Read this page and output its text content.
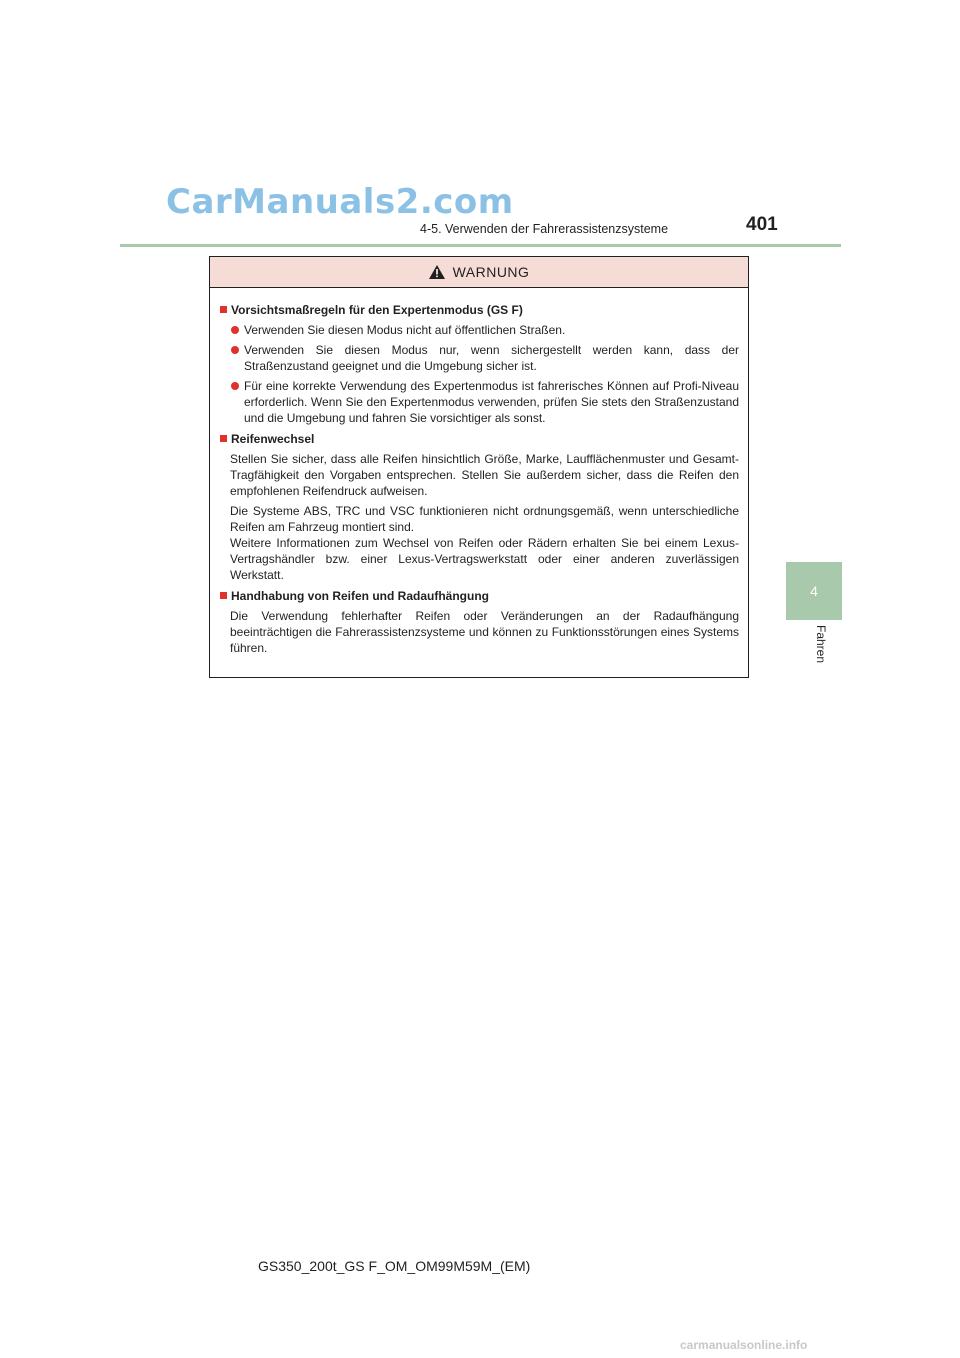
CarManuals2.com
4-5. Verwenden der Fahrerassistenzsysteme	401
4
Fahren
WARNUNG
Vorsichtsmaßregeln für den Expertenmodus (GS F)
Verwenden Sie diesen Modus nicht auf öffentlichen Straßen.
Verwenden Sie diesen Modus nur, wenn sichergestellt werden kann, dass der Straßenzustand geeignet und die Umgebung sicher ist.
Für eine korrekte Verwendung des Expertenmodus ist fahrerisches Können auf Profi-Niveau erforderlich. Wenn Sie den Expertenmodus verwenden, prüfen Sie stets den Straßenzustand und die Umgebung und fahren Sie vorsichtiger als sonst.
Reifenwechsel
Stellen Sie sicher, dass alle Reifen hinsichtlich Größe, Marke, Laufflächenmuster und Gesamt-Tragfähigkeit den Vorgaben entsprechen. Stellen Sie außerdem sicher, dass die Reifen den empfohlenen Reifendruck aufweisen.
Die Systeme ABS, TRC und VSC funktionieren nicht ordnungsgemäß, wenn unterschiedliche Reifen am Fahrzeug montiert sind.
Weitere Informationen zum Wechsel von Reifen oder Rädern erhalten Sie bei einem Lexus-Vertragshändler bzw. einer Lexus-Vertragswerkstatt oder einer anderen zuverlässigen Werkstatt.
Handhabung von Reifen und Radaufhängung
Die Verwendung fehlerhafter Reifen oder Veränderungen an der Radaufhängung beeinträchtigen die Fahrerassistenzsysteme und können zu Funktionsstörungen eines Systems führen.
GS350_200t_GS F_OM_OM99M59M_(EM)
carmanualsonline.info
